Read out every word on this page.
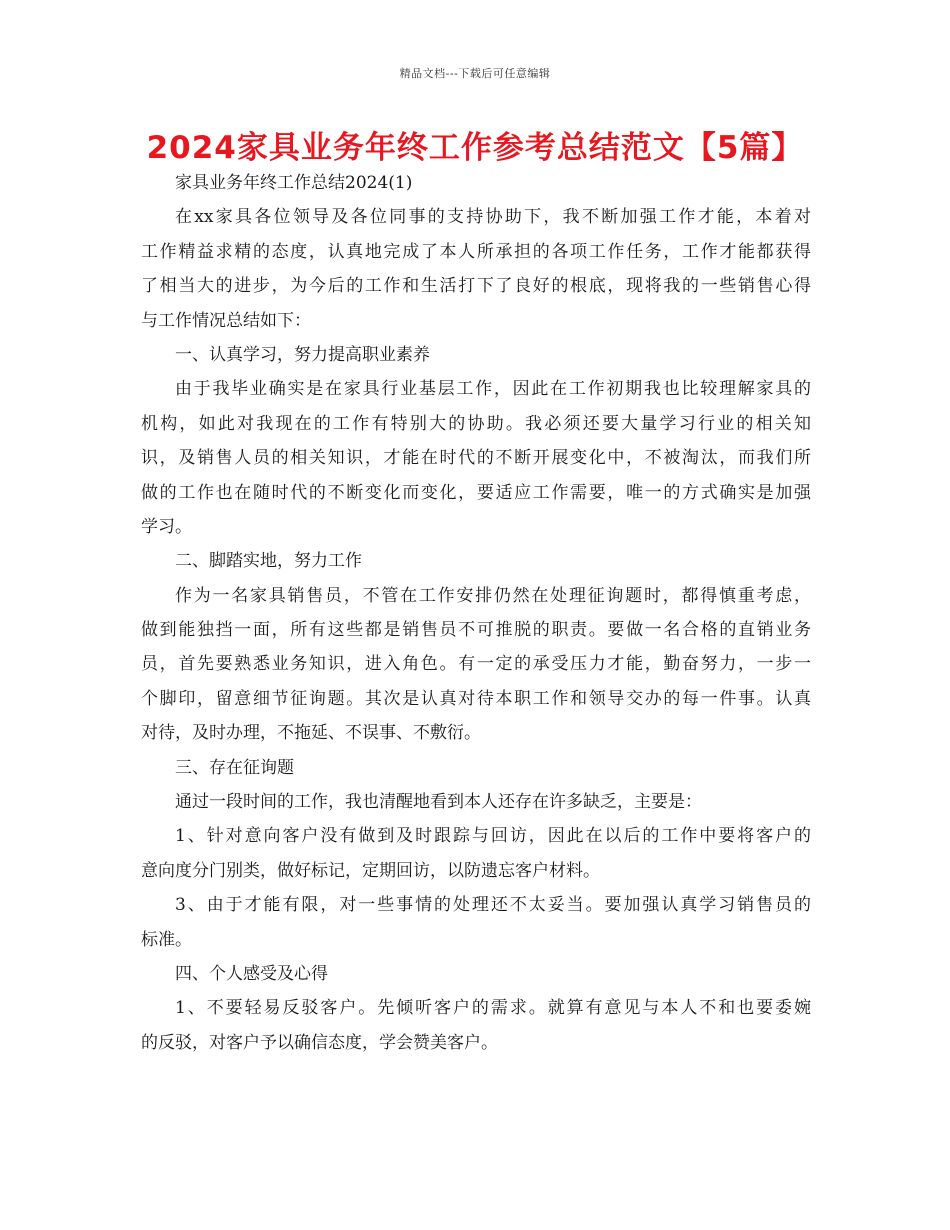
精品文档---下载后可任意编辑
2024家具业务年终工作参考总结范文【5篇】
家具业务年终工作总结2024(1)
在xx家具各位领导及各位同事的支持协助下，我不断加强工作才能，本着对
工作精益求精的态度，认真地完成了本人所承担的各项工作任务，工作才能都获得
了相当大的进步，为今后的工作和生活打下了良好的根底，现将我的一些销售心得
与工作情况总结如下：
一、认真学习，努力提高职业素养
由于我毕业确实是在家具行业基层工作，因此在工作初期我也比较理解家具的
机构，如此对我现在的工作有特别大的协助。我必须还要大量学习行业的相关知
识，及销售人员的相关知识，才能在时代的不断开展变化中，不被淘汰，而我们所
做的工作也在随时代的不断变化而变化，要适应工作需要，唯一的方式确实是加强
学习。
二、脚踏实地，努力工作
作为一名家具销售员，不管在工作安排仍然在处理征询题时，都得慎重考虑，
做到能独挡一面，所有这些都是销售员不可推脱的职责。要做一名合格的直销业务
员，首先要熟悉业务知识，进入角色。有一定的承受压力才能，勤奋努力，一步一
个脚印，留意细节征询题。其次是认真对待本职工作和领导交办的每一件事。认真
对待，及时办理，不拖延、不误事、不敷衍。
三、存在征询题
通过一段时间的工作，我也清醒地看到本人还存在许多缺乏，主要是：
1、针对意向客户没有做到及时跟踪与回访，因此在以后的工作中要将客户的
意向度分门别类，做好标记，定期回访，以防遗忘客户材料。
3、由于才能有限，对一些事情的处理还不太妥当。要加强认真学习销售员的
标准。
四、个人感受及心得
1、不要轻易反驳客户。先倾听客户的需求。就算有意见与本人不和也要委婉
的反驳，对客户予以确信态度，学会赞美客户。
